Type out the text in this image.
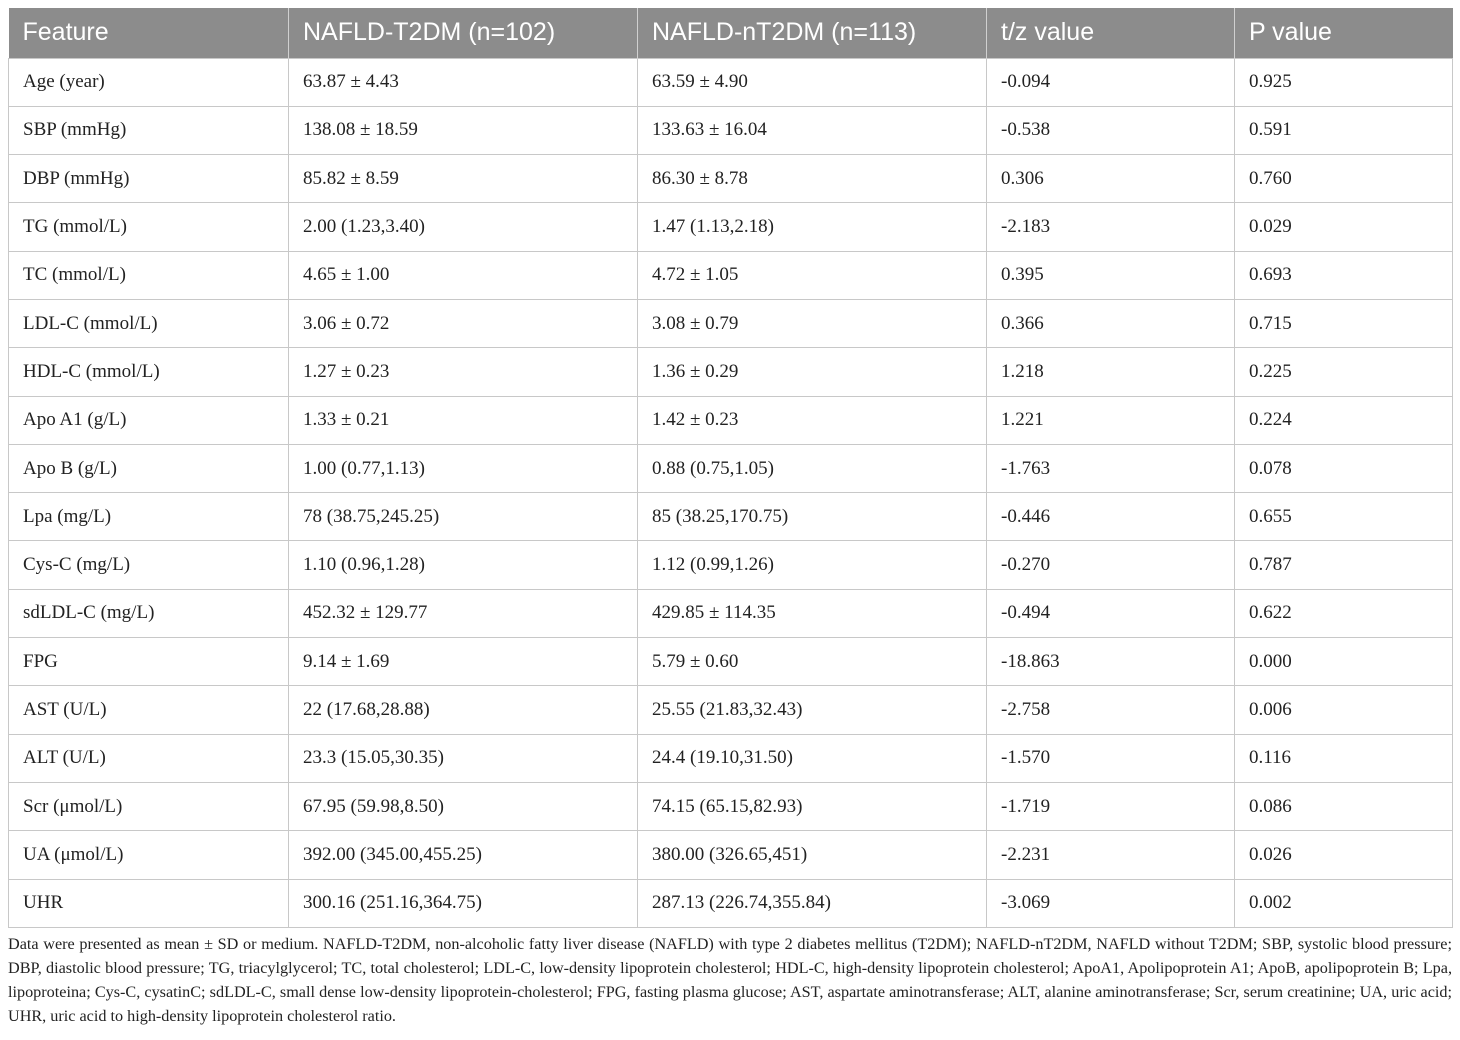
Feature	NAFLD-T2DM (n=102)	NAFLD-nT2DM (n=113)	t/z value	P value
Age (year)	63.87 ± 4.43	63.59 ± 4.90	-0.094	0.925
SBP (mmHg)	138.08 ± 18.59	133.63 ± 16.04	-0.538	0.591
DBP (mmHg)	85.82 ± 8.59	86.30 ± 8.78	0.306	0.760
TG (mmol/L)	2.00 (1.23,3.40)	1.47 (1.13,2.18)	-2.183	0.029
TC (mmol/L)	4.65 ± 1.00	4.72 ± 1.05	0.395	0.693
LDL-C (mmol/L)	3.06 ± 0.72	3.08 ± 0.79	0.366	0.715
HDL-C (mmol/L)	1.27 ± 0.23	1.36 ± 0.29	1.218	0.225
Apo A1 (g/L)	1.33 ± 0.21	1.42 ± 0.23	1.221	0.224
Apo B (g/L)	1.00 (0.77,1.13)	0.88 (0.75,1.05)	-1.763	0.078
Lpa (mg/L)	78 (38.75,245.25)	85 (38.25,170.75)	-0.446	0.655
Cys-C (mg/L)	1.10 (0.96,1.28)	1.12 (0.99,1.26)	-0.270	0.787
sdLDL-C (mg/L)	452.32 ± 129.77	429.85 ± 114.35	-0.494	0.622
FPG	9.14 ± 1.69	5.79 ± 0.60	-18.863	0.000
AST (U/L)	22 (17.68,28.88)	25.55 (21.83,32.43)	-2.758	0.006
ALT (U/L)	23.3 (15.05,30.35)	24.4 (19.10,31.50)	-1.570	0.116
Scr (μmol/L)	67.95 (59.98,8.50)	74.15 (65.15,82.93)	-1.719	0.086
UA (μmol/L)	392.00 (345.00,455.25)	380.00 (326.65,451)	-2.231	0.026
UHR	300.16 (251.16,364.75)	287.13 (226.74,355.84)	-3.069	0.002
Data were presented as mean ± SD or medium. NAFLD-T2DM, non-alcoholic fatty liver disease (NAFLD) with type 2 diabetes mellitus (T2DM); NAFLD-nT2DM, NAFLD without T2DM; SBP, systolic blood pressure; DBP, diastolic blood pressure; TG, triacylglycerol; TC, total cholesterol; LDL-C, low-density lipoprotein cholesterol; HDL-C, high-density lipoprotein cholesterol; ApoA1, Apolipoprotein A1; ApoB, apolipoprotein B; Lpa, lipoproteina; Cys-C, cysatinC; sdLDL-C, small dense low-density lipoprotein-cholesterol; FPG, fasting plasma glucose; AST, aspartate aminotransferase; ALT, alanine aminotransferase; Scr, serum creatinine; UA, uric acid; UHR, uric acid to high-density lipoprotein cholesterol ratio.
